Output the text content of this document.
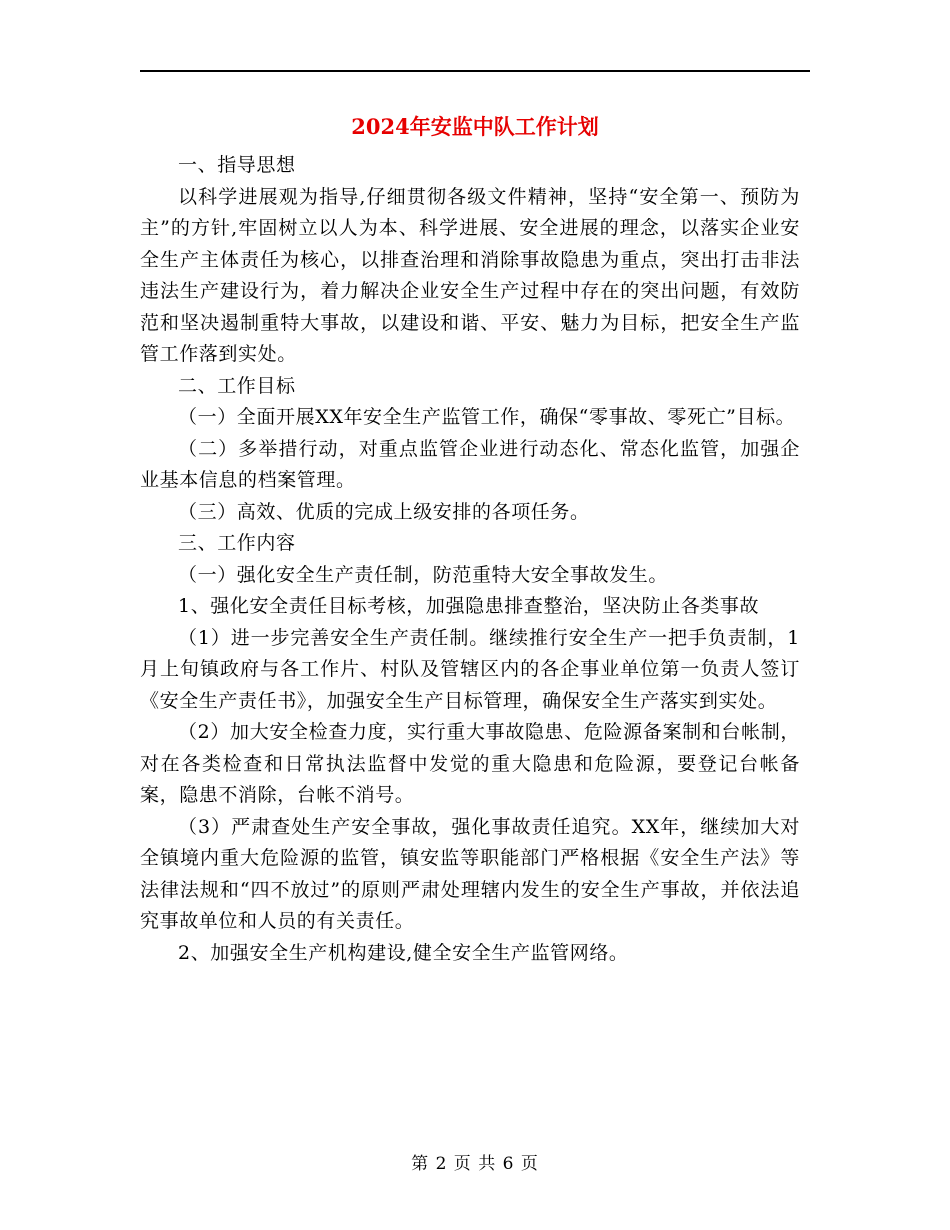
2024年安监中队工作计划

一、指导思想

以科学进展观为指导,仔细贯彻各级文件精神，坚持“安全第一、预防为主”的方针,牢固树立以人为本、科学进展、安全进展的理念，以落实企业安全生产主体责任为核心，以排查治理和消除事故隐患为重点，突出打击非法违法生产建设行为，着力解决企业安全生产过程中存在的突出问题，有效防范和坚决遏制重特大事故，以建设和谐、平安、魅力为目标，把安全生产监管工作落到实处。

二、工作目标

（一）全面开展XX年安全生产监管工作，确保“零事故、零死亡”目标。

（二）多举措行动，对重点监管企业进行动态化、常态化监管，加强企业基本信息的档案管理。

（三）高效、优质的完成上级安排的各项任务。

三、工作内容

（一）强化安全生产责任制，防范重特大安全事故发生。

1、强化安全责任目标考核，加强隐患排查整治，坚决防止各类事故

（1）进一步完善安全生产责任制。继续推行安全生产一把手负责制，1月上旬镇政府与各工作片、村队及管辖区内的各企事业单位第一负责人签订《安全生产责任书》，加强安全生产目标管理，确保安全生产落实到实处。

（2）加大安全检查力度，实行重大事故隐患、危险源备案制和台帐制，对在各类检查和日常执法监督中发觉的重大隐患和危险源，要登记台帐备案，隐患不消除，台帐不消号。

（3）严肃查处生产安全事故，强化事故责任追究。XX年，继续加大对全镇境内重大危险源的监管，镇安监等职能部门严格根据《安全生产法》等法律法规和“四不放过”的原则严肃处理辖内发生的安全生产事故，并依法追究事故单位和人员的有关责任。

2、加强安全生产机构建设,健全安全生产监管网络。

第 2 页 共 6 页
